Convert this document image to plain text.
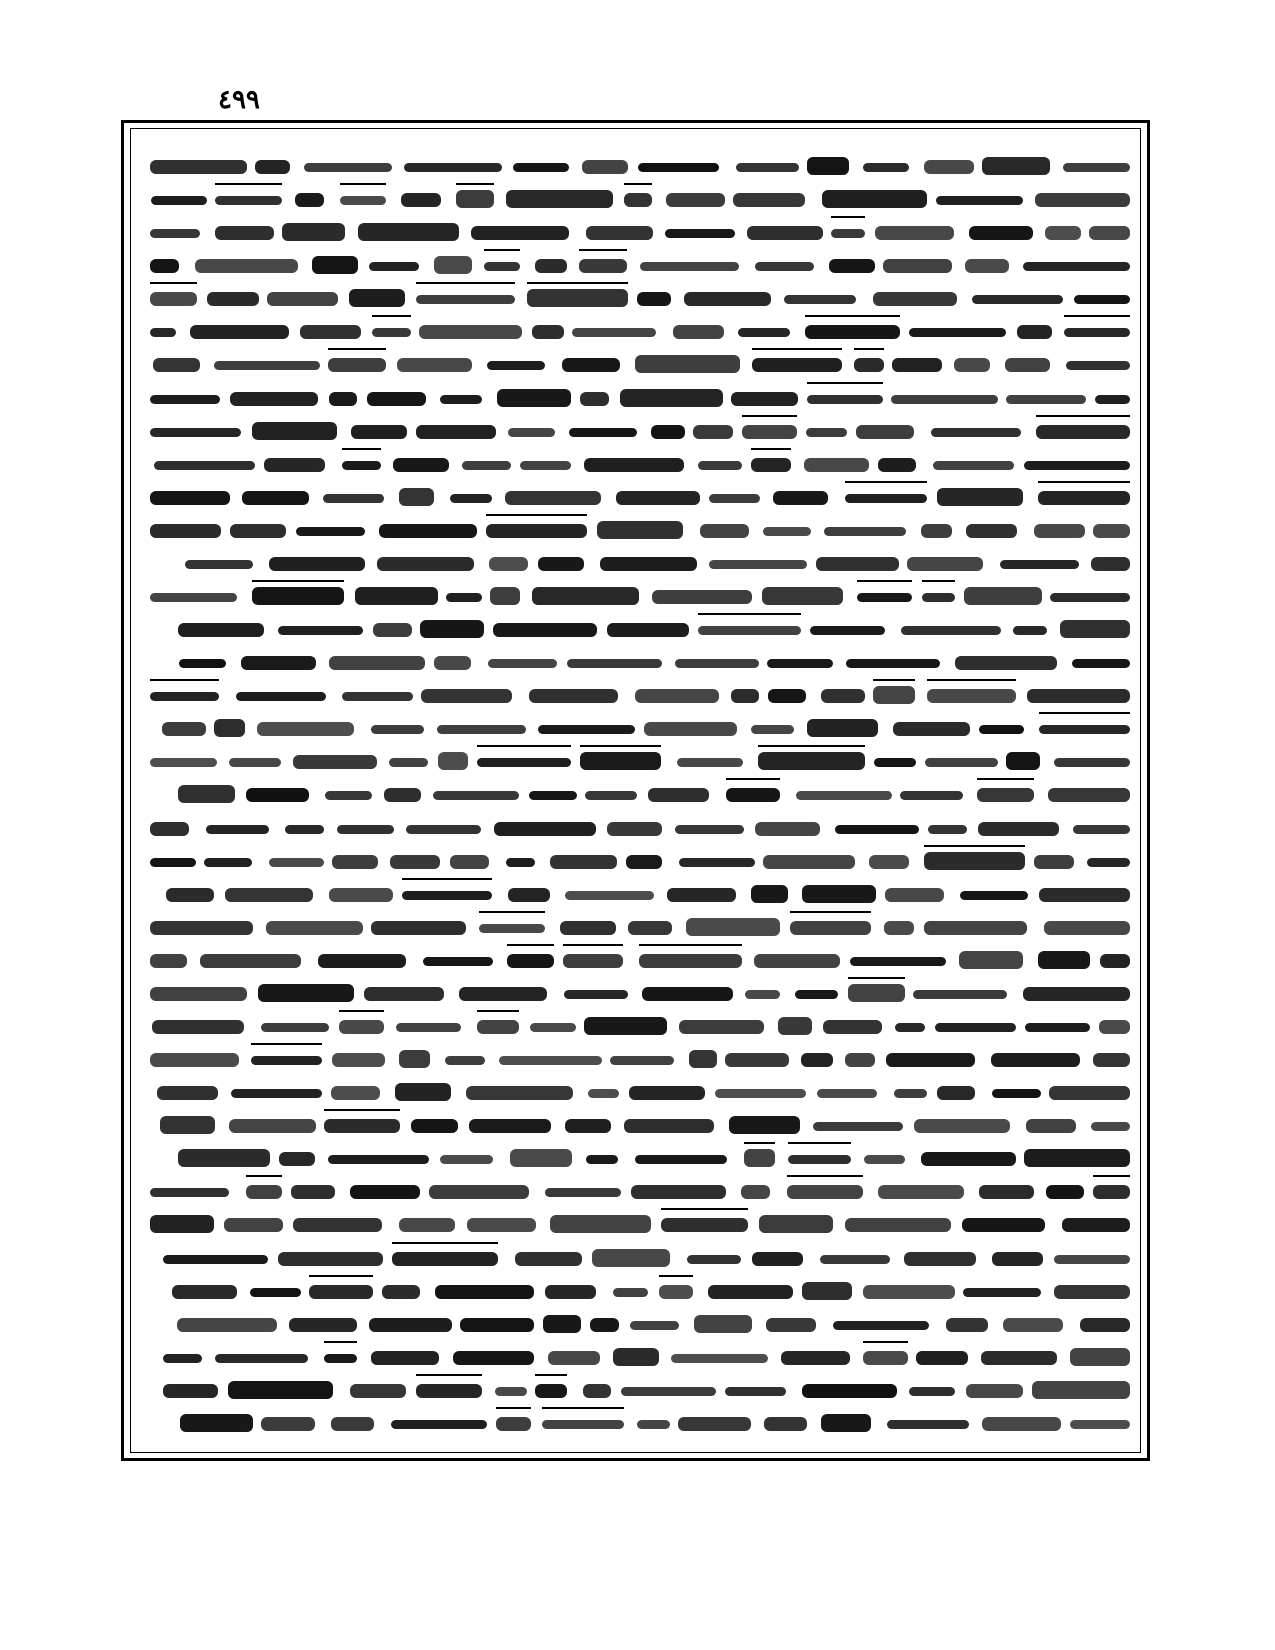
٤٩٩
